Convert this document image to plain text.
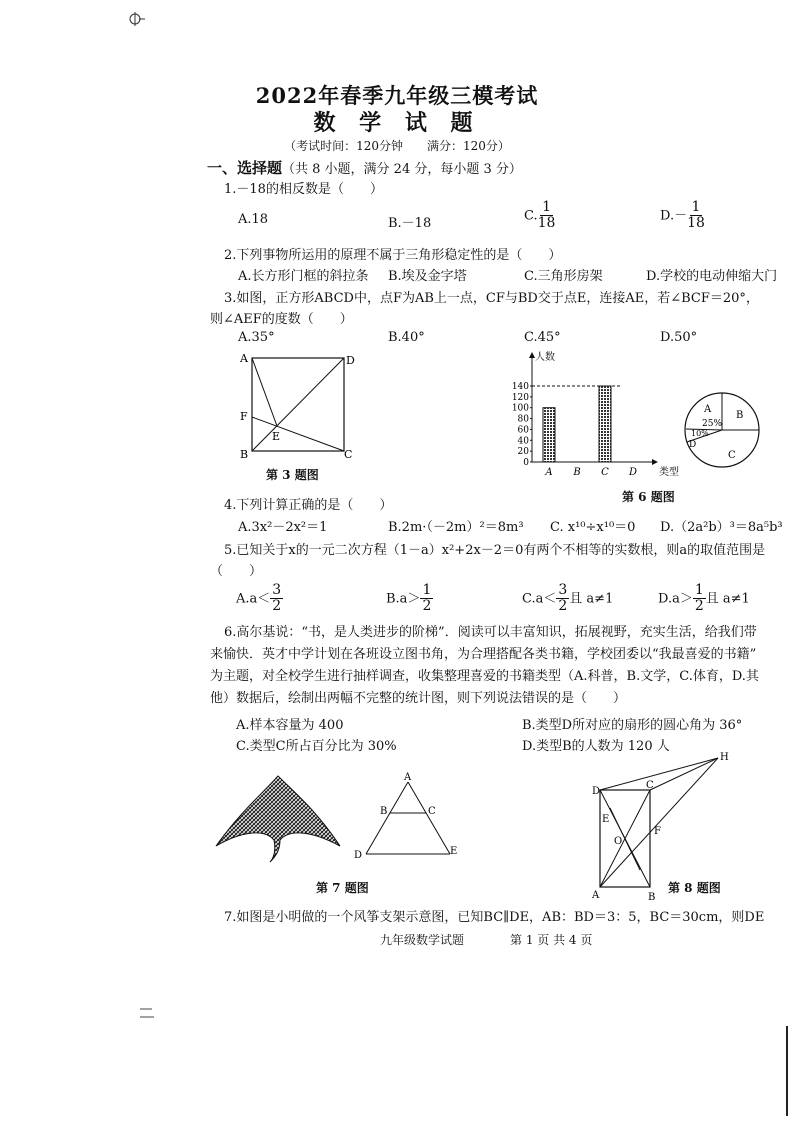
2022年春季九年级三模考试
数 学 试 题
（考试时间：120分钟　　满分：120分）
一、选择题（共 8 小题，满分 24 分，每小题 3 分）
1.－18的相反数是（　　）
A.18	B.－18
C. $\frac{1}{18}$	$D.- \frac{1}{18}$
2.下列事物所运用的原理不属于三角形稳定性的是（　　）
A.长方形门框的斜拉条 B.埃及金字塔	C.三角形房架	D.学校的电动伸缩大门
3.如图，正方形ABCD中，点F为AB上一点，CF与BD交于点E，连接AE，若∠BCF＝20°，
则∠AEF的度数（　　）
A.35°	B.40°	C.45°	D.50°
A	D
F
E
B	C
第 3 题图
人数
类型
140
120
100
80
60
40
20
0
A B C D
A
25%
B
C
10%
D
第 6 题图
4.下列计算正确的是（　　）
A.3x²－2x²＝1	B.2m·（－2m）²＝8m³ C. x¹⁰÷x¹⁰＝0 D.（2a²b）³＝8a⁵b³
5.已知关于x的一元二次方程（1－a）x²+2x－2＝0有两个不相等的实数根，则a的取值范围是
（　　）
$A.a< \frac{3}{2}$	$B.a> \frac{1}{2}$	$C.a< \frac{3}{2}$ 且 a≠1	$D.a> \frac{1}{2}$ 且 a≠1
6.高尔基说：“书，是人类进步的阶梯”．阅读可以丰富知识，拓展视野，充实生活，给我们带
来愉快．英才中学计划在各班设立图书角，为合理搭配各类书籍，学校团委以“我最喜爱的书籍”
为主题，对全校学生进行抽样调查，收集整理喜爱的书籍类型（A.科普，B.文学，C.体育，D.其
他）数据后，绘制出两幅不完整的统计图，则下列说法错误的是（　　）
A.样本容量为 400	B.类型D所对应的扇形的圆心角为 36°
C.类型C所占百分比为 30%	D.类型B的人数为 120 人
A
B	C
D	E
第 7 题图
D
C
H
E
O
F
A	B
第 8 题图
7.如图是小明做的一个风筝支架示意图，已知BC∥DE，AB：BD＝3：5，BC＝30cm，则DE
九年级数学试题	第 1 页 共 4 页
